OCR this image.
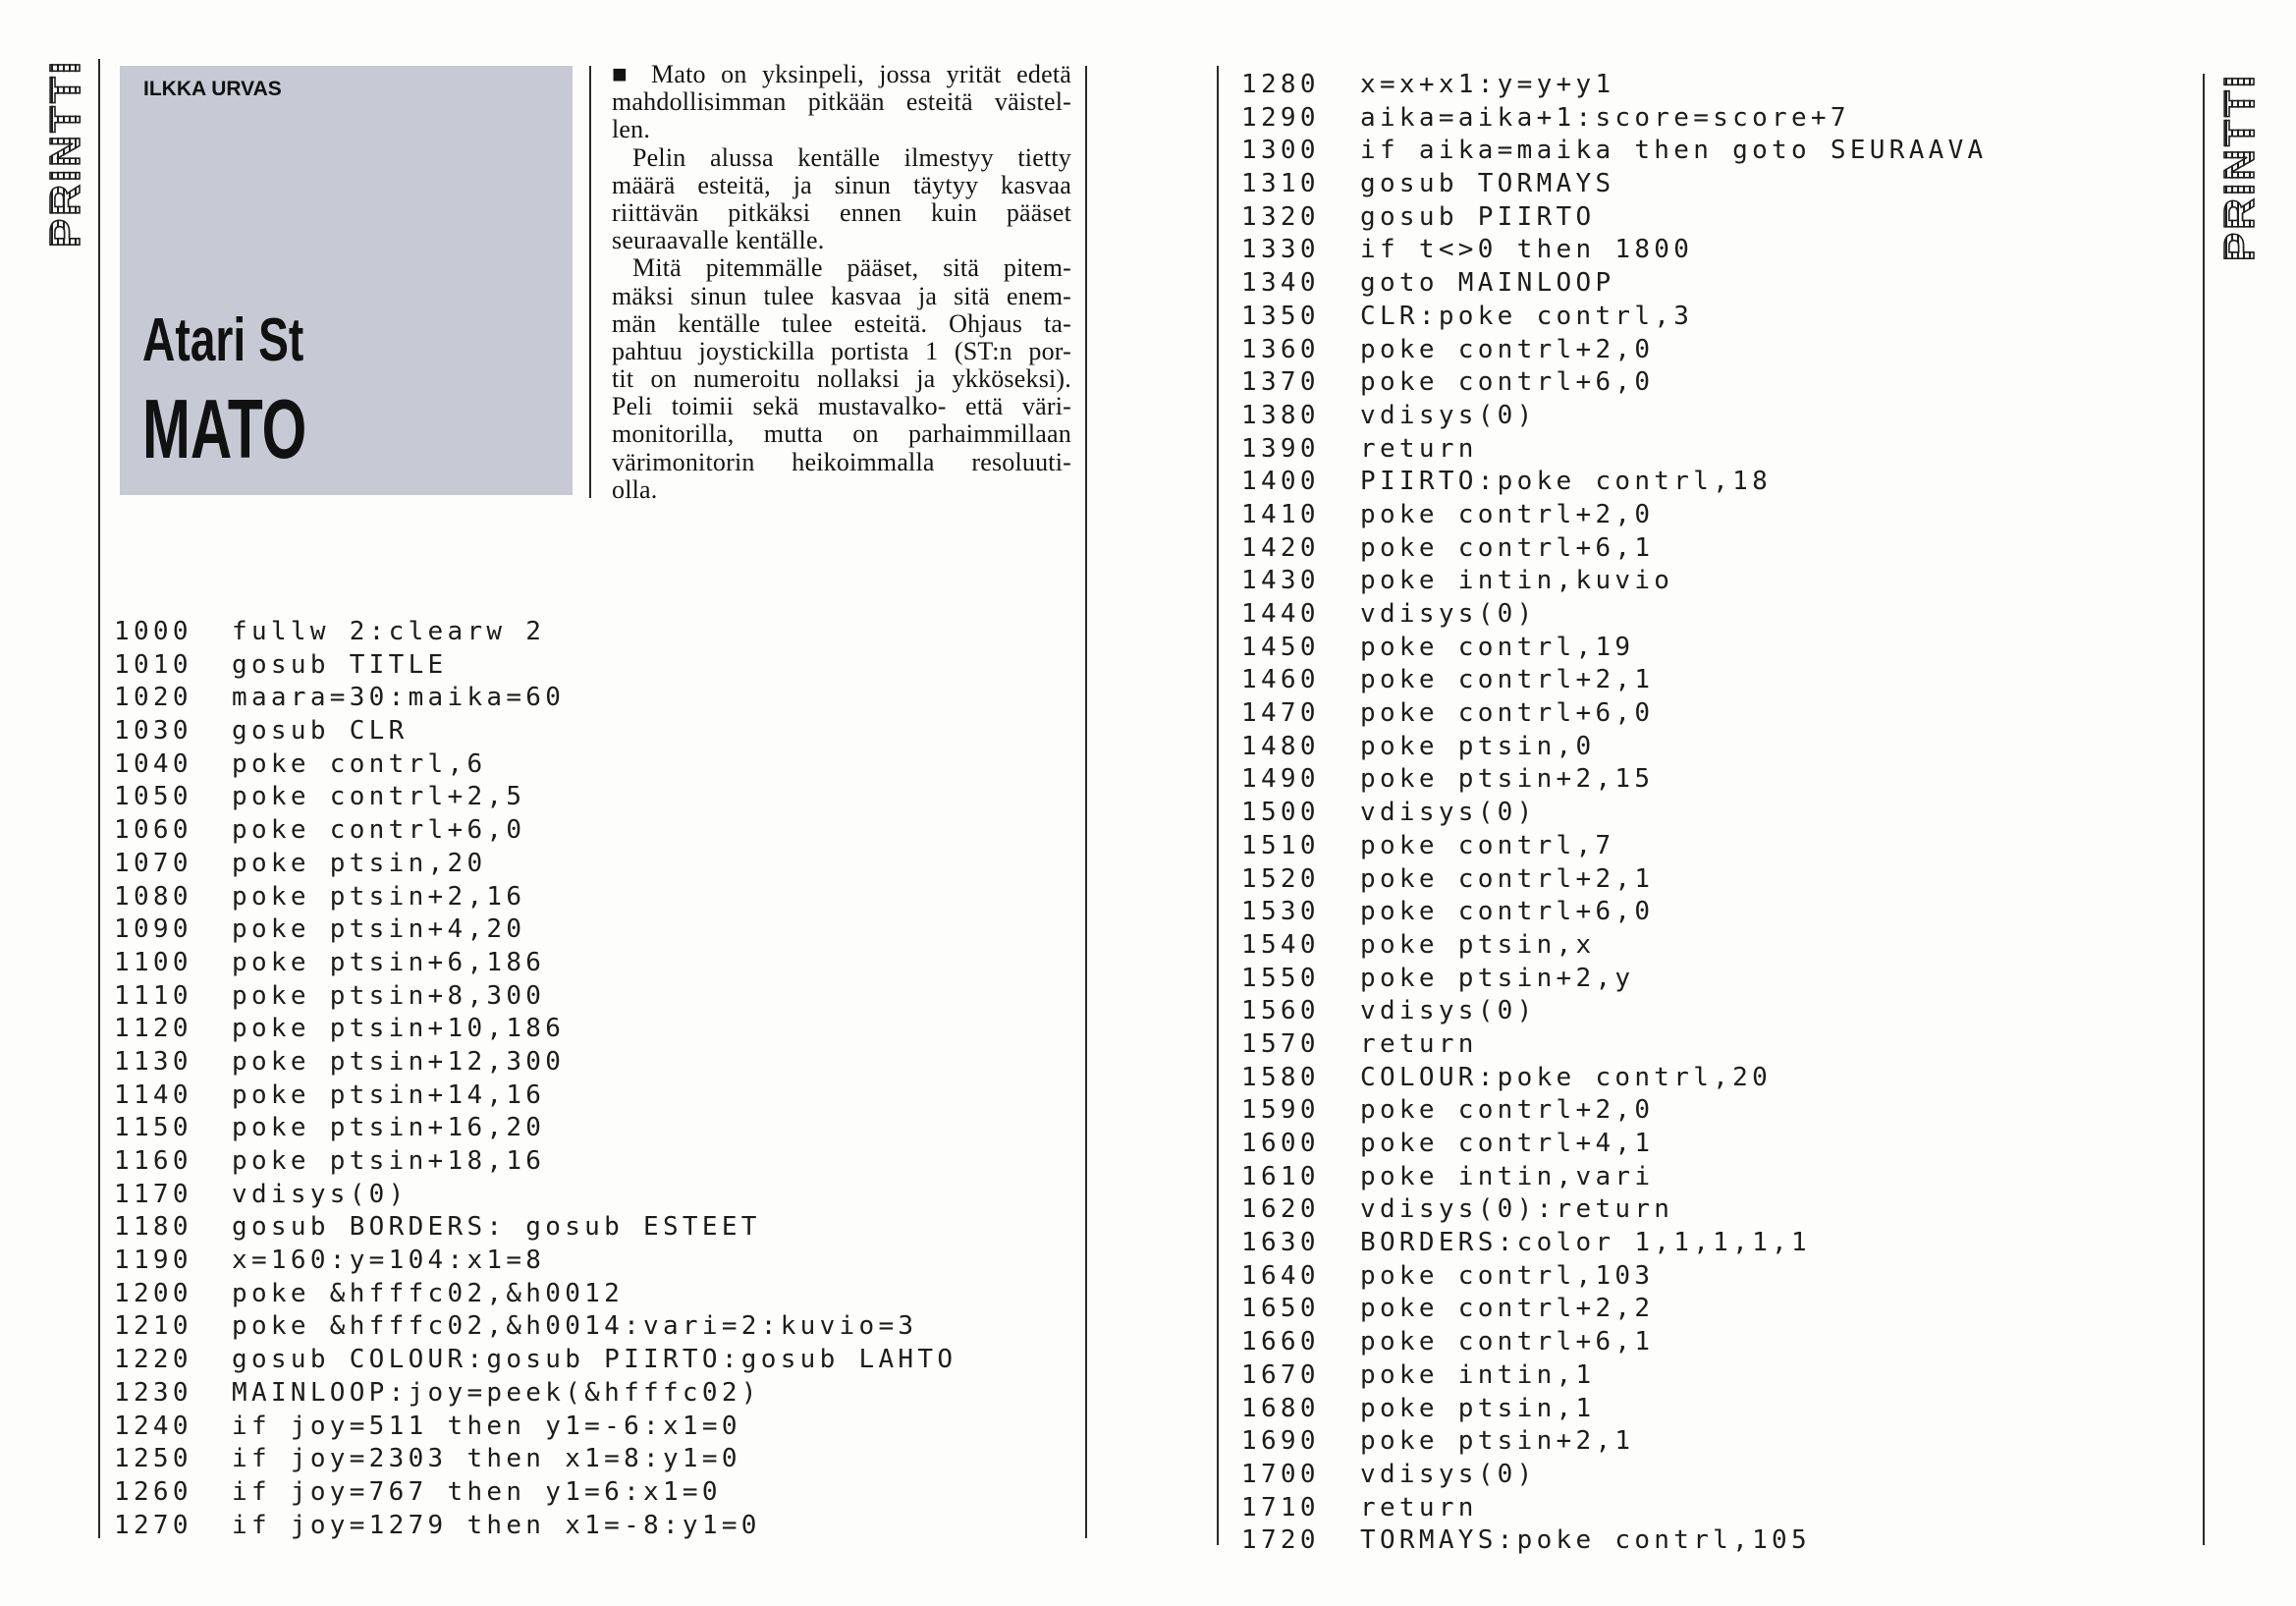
PRINTTI	PRINTTI
ILKKA URVAS
Atari St
MATO
■ Mato on yksinpeli, jossa yrität edetä
mahdollisimman pitkään esteitä väistel-
len.
Pelin alussa kentälle ilmestyy tietty
määrä esteitä, ja sinun täytyy kasvaa
riittävän pitkäksi ennen kuin pääset
seuraavalle kentälle.
Mitä pitemmälle pääset, sitä pitem-
mäksi sinun tulee kasvaa ja sitä enem-
män kentälle tulee esteitä. Ohjaus ta-
pahtuu joystickilla portista 1 (ST:n por-
tit on numeroitu nollaksi ja ykköseksi).
Peli toimii sekä mustavalko- että väri-
monitorilla, mutta on parhaimmillaan
värimonitorin heikoimmalla resoluuti-
olla.
1000 fullw 2:clearw 2
1010 gosub TITLE
1020 maara=30:maika=60
1030 gosub CLR
1040 poke contrl,6
1050 poke contrl+2,5
1060 poke contrl+6,0
1070 poke ptsin,20
1080 poke ptsin+2,16
1090 poke ptsin+4,20
1100 poke ptsin+6,186
1110 poke ptsin+8,300
1120 poke ptsin+10,186
1130 poke ptsin+12,300
1140 poke ptsin+14,16
1150 poke ptsin+16,20
1160 poke ptsin+18,16
1170 vdisys(0)
1180 gosub BORDERS: gosub ESTEET
1190 x=160:y=104:x1=8
1200 poke &hfffc02,&h0012
1210 poke &hfffc02,&h0014:vari=2:kuvio=3
1220 gosub COLOUR:gosub PIIRTO:gosub LAHTO
1230 MAINLOOP:joy=peek(&hfffc02)
1240 if joy=511 then y1=-6:x1=0
1250 if joy=2303 then x1=8:y1=0
1260 if joy=767 then y1=6:x1=0
1270 if joy=1279 then x1=-8:y1=0
1280 x=x+x1:y=y+y1
1290 aika=aika+1:score=score+7
1300 if aika=maika then goto SEURAAVA
1310 gosub TORMAYS
1320 gosub PIIRTO
1330 if t<>0 then 1800
1340 goto MAINLOOP
1350 CLR:poke contrl,3
1360 poke contrl+2,0
1370 poke contrl+6,0
1380 vdisys(0)
1390 return
1400 PIIRTO:poke contrl,18
1410 poke contrl+2,0
1420 poke contrl+6,1
1430 poke intin,kuvio
1440 vdisys(0)
1450 poke contrl,19
1460 poke contrl+2,1
1470 poke contrl+6,0
1480 poke ptsin,0
1490 poke ptsin+2,15
1500 vdisys(0)
1510 poke contrl,7
1520 poke contrl+2,1
1530 poke contrl+6,0
1540 poke ptsin,x
1550 poke ptsin+2,y
1560 vdisys(0)
1570 return
1580 COLOUR:poke contrl,20
1590 poke contrl+2,0
1600 poke contrl+4,1
1610 poke intin,vari
1620 vdisys(0):return
1630 BORDERS:color 1,1,1,1,1
1640 poke contrl,103
1650 poke contrl+2,2
1660 poke contrl+6,1
1670 poke intin,1
1680 poke ptsin,1
1690 poke ptsin+2,1
1700 vdisys(0)
1710 return
1720 TORMAYS:poke contrl,105
